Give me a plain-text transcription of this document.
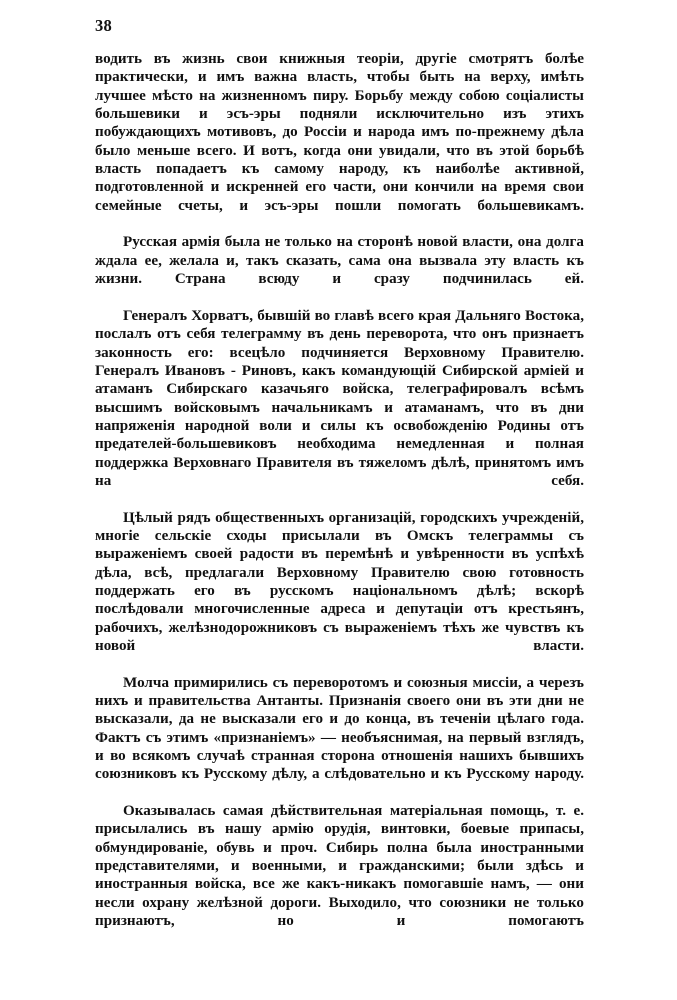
38

водить въ жизнь свои книжныя теоріи, другіе смотрятъ болѣе практически, и имъ важна власть, чтобы быть на верху, имѣть лучшее мѣсто на жизненномъ пиру. Борьбу между собою соціалисты большевики и эсъ-эры подняли исключительно изъ этихъ побуждающихъ мотивовъ, до Россіи и народа имъ по-прежнему дѣла было меньше всего. И вотъ, когда они увидали, что въ этой борьбѣ власть попадаетъ къ самому народу, къ наиболѣе активной, подготовленной и искренней его части, они кончили на время свои семейные счеты, и эсъ-эры пошли помогать большевикамъ.

Русская армія была не только на сторонѣ новой власти, она долга ждала ее, желала и, такъ сказать, сама она вызвала эту власть къ жизни. Страна всюду и сразу подчинилась ей.

Генералъ Хорватъ, бывшій во главѣ всего края Дальняго Востока, послалъ отъ себя телеграмму въ день переворота, что онъ признаетъ законность его: всецѣло подчиняется Верховному Правителю. Генералъ Ивановъ - Риновъ, какъ командующій Сибирской арміей и атаманъ Сибирскаго казачьяго войска, телеграфировалъ всѣмъ высшимъ войсковымъ начальникамъ и атаманамъ, что въ дни напряженія народной воли и силы къ освобожденію Родины отъ предателей-большевиковъ необходима немедленная и полная поддержка Верховнаго Правителя въ тяжеломъ дѣлѣ, принятомъ имъ на себя.

Цѣлый рядъ общественныхъ организацій, городскихъ учрежденій, многіе сельскіе сходы присылали въ Омскъ телеграммы съ выраженіемъ своей радости въ перемѣнѣ и увѣренности въ успѣхѣ дѣла, всѣ, предлагали Верховному Правителю свою готовность поддержать его въ русскомъ національномъ дѣлѣ; вскорѣ послѣдовали многочисленные адреса и депутаціи отъ крестьянъ, рабочихъ, желѣзнодорожниковъ съ выраженіемъ тѣхъ же чувствъ къ новой власти.

Молча примирились съ переворотомъ и союзныя миссіи, а черезъ нихъ и правительства Антанты. Признанія своего они въ эти дни не высказали, да не высказали его и до конца, въ теченіи цѣлаго года. Фактъ съ этимъ «признаніемъ» — необъяснимая, на первый взглядъ, и во всякомъ случаѣ странная сторона отношенія нашихъ бывшихъ союзниковъ къ Русскому дѣлу, а слѣдовательно и къ Русскому народу.

Оказывалась самая дѣйствительная матеріальная помощь, т. е. присылались въ нашу армію орудія, винтовки, боевые припасы, обмундированіе, обувь и проч. Сибирь полна была иностранными представителями, и военными, и гражданскими; были здѣсь и иностранныя войска, все же какъ-никакъ помогавшіе намъ, — они несли охрану желѣзной дороги. Выходило, что союзники не только признаютъ, но и помогаютъ
